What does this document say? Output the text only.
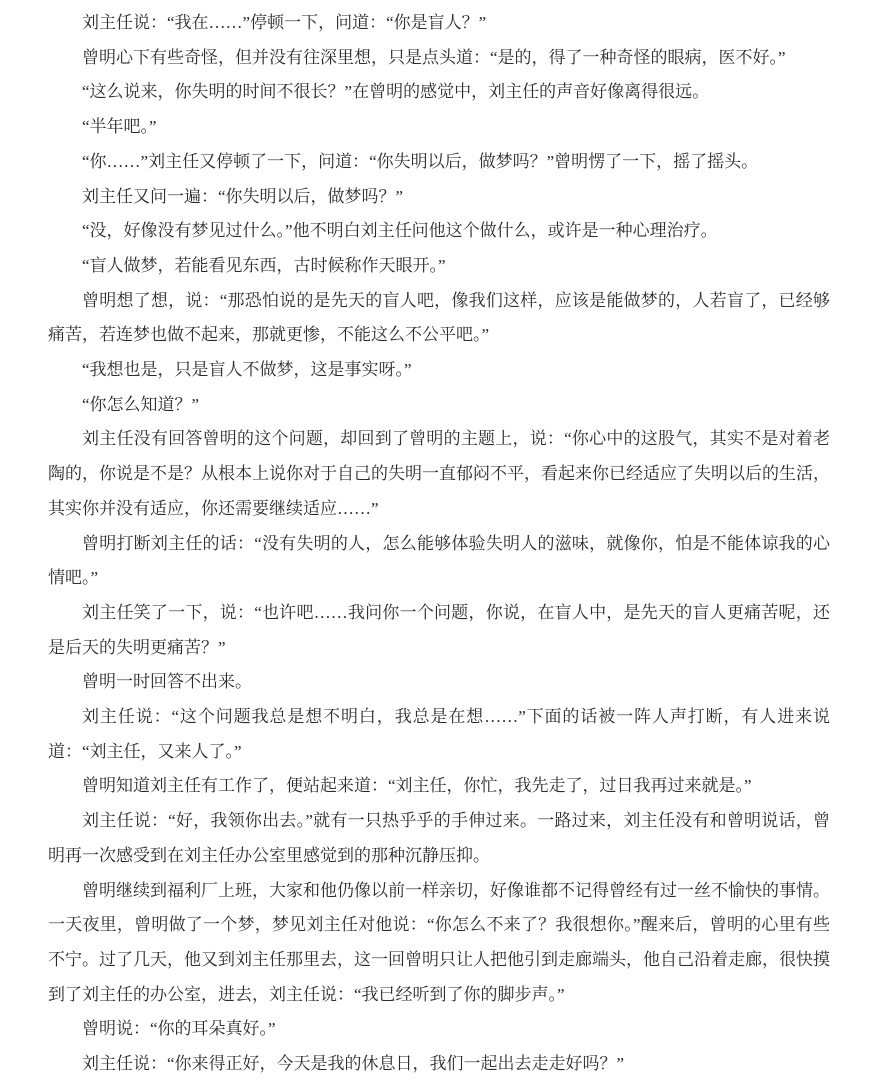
刘主任说：“我在……”停顿一下，问道：“你是盲人？”

曾明心下有些奇怪，但并没有往深里想，只是点头道：“是的，得了一种奇怪的眼病，医不好。”

“这么说来，你失明的时间不很长？”在曾明的感觉中，刘主任的声音好像离得很远。

“半年吧。”

“你……”刘主任又停顿了一下，问道：“你失明以后，做梦吗？”曾明愣了一下，摇了摇头。

刘主任又问一遍：“你失明以后，做梦吗？”

“没，好像没有梦见过什么。”他不明白刘主任问他这个做什么，或许是一种心理治疗。

“盲人做梦，若能看见东西，古时候称作天眼开。”

曾明想了想，说：“那恐怕说的是先天的盲人吧，像我们这样，应该是能做梦的，人若盲了，已经够痛苦，若连梦也做不起来，那就更惨，不能这么不公平吧。”

“我想也是，只是盲人不做梦，这是事实呀。”

“你怎么知道？”

刘主任没有回答曾明的这个问题，却回到了曾明的主题上，说：“你心中的这股气，其实不是对着老陶的，你说是不是？从根本上说你对于自己的失明一直郁闷不平，看起来你已经适应了失明以后的生活，其实你并没有适应，你还需要继续适应……”

曾明打断刘主任的话：“没有失明的人，怎么能够体验失明人的滋味，就像你，怕是不能体谅我的心情吧。”

刘主任笑了一下，说：“也许吧……我问你一个问题，你说，在盲人中，是先天的盲人更痛苦呢，还是后天的失明更痛苦？”

曾明一时回答不出来。

刘主任说：“这个问题我总是想不明白，我总是在想……”下面的话被一阵人声打断，有人进来说道：“刘主任，又来人了。”

曾明知道刘主任有工作了，便站起来道：“刘主任，你忙，我先走了，过日我再过来就是。”

刘主任说：“好，我领你出去。”就有一只热乎乎的手伸过来。一路过来，刘主任没有和曾明说话，曾明再一次感受到在刘主任办公室里感觉到的那种沉静压抑。

曾明继续到福利厂上班，大家和他仍像以前一样亲切，好像谁都不记得曾经有过一丝不愉快的事情。一天夜里，曾明做了一个梦，梦见刘主任对他说：“你怎么不来了？我很想你。”醒来后，曾明的心里有些不宁。过了几天，他又到刘主任那里去，这一回曾明只让人把他引到走廊端头，他自己沿着走廊，很快摸到了刘主任的办公室，进去，刘主任说：“我已经听到了你的脚步声。”

曾明说：“你的耳朵真好。”

刘主任说：“你来得正好，今天是我的休息日，我们一起出去走走好吗？”
